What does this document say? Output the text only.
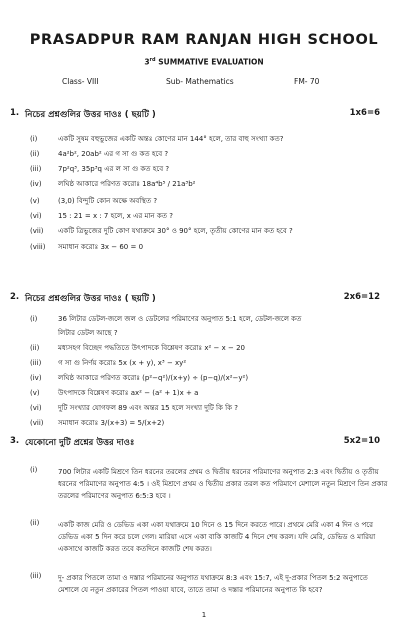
PRASADPUR RAM RANJAN HIGH SCHOOL
3rd SUMMATIVE EVALUATION
Class- VIII	Sub- Mathematics	FM- 70
1. নিচের প্রশ্নগুলির উত্তর দাওঃ ( ছয়টি )	1x6=6
2. নিচের প্রশ্নগুলির উত্তর দাওঃ ( ছয়টি )	2x6=12
3. যেকোনো দুটি প্রশ্নের উত্তর দাওঃ	5x2=10
1
(i)	একটি সুষম বহুভুজের একটি অন্তঃ কোণের মান 144° হলে, তার বাহু সংখ্যা কত?
(ii)	4a²b², 20ab² এর গ সা গু কত হবে ?
(iii) 7p²q³, 35p³q এর ল সা গু কত হবে ?
(iv) লঘিষ্ঠ আকারে পরিণত করোঃ 18a⁴b⁵ / 21a³b²
(v)	(3,0) বিন্দুটি কোন অক্ষে অবস্থিত ?
(vi) 15 : 21 = x : 7 হলে, x এর মান কত ?
(vii) একটি ত্রিভুজের দুটি কোণ যথাক্রমে 30° ও 90° হলে, তৃতীয় কোণের মান কত হবে ?
(viii) সমাধান করোঃ 3x − 60 = 0
(i)	36 লিটার ডেটল-জলে জল ও ডেটলের পরিমাণের অনুপাত 5:1 হলে, ডেটল-জলে কত
লিটার ডেটল আছে ?
(ii)	মধ্যসহগ বিচ্ছেদ পদ্ধতিতে উৎপাদকে বিশ্লেষণ করোঃ x² − x − 20
(iii) গ সা গু নির্ণয় করোঃ 5x (x + y), x³ − xy²
(iv) লঘিষ্ঠ আকারে পরিণত করোঃ (p²−q²)/(x+y) ÷ (p−q)/(x²−y²)
(v)	উৎপাদকে বিশ্লেষণ করোঃ ax² − (a² + 1)x + a
(vi) দুটি সংখ্যার যোগফল 89 এবং অন্তর 15 হলে সংখ্যা দুটি কি কি ?
(vii) সমাধান করোঃ 3/(x+3) = 5/(x+2)
(i)	700 লিটার একটি মিশ্রণে তিন ধরনের তরলের প্রথম ও দ্বিতীয় ধরনের পরিমাণের অনুপাত 2:3 এবং দ্বিতীয় ও তৃতীয় ধরনের পরিমাণের অনুপাত 4:5 । ওই মিশ্রণে প্রথম ও দ্বিতীয় প্রকার তরল কত পরিমাণে মেশালে নতুন মিশ্রণে তিন প্রকার তরলের পরিমাণের অনুপাত 6:5:3 হবে ।
(ii)	একটি কাজ মেরি ও ডেভিড একা একা যথাক্রমে 10 দিনে ও 15 দিনে করতে পারে। প্রথমে মেরি একা 4 দিন ও পরে ডেভিড একা 5 দিন করে চলে গেল। মারিয়া এসে একা বাকি কাজটি 4 দিনে শেষ করল। যদি মেরি, ডেভিড ও মারিয়া একসাথে কাজটি করত তবে কতদিনে কাজটি শেষ করত।
(iii) দু- প্রকার পিতলে তামা ও দস্তার পরিমানের অনুপাত যথাক্রমে 8:3 এবং 15:7, এই দু-প্রকার পিতল 5:2 অনুপাতে মেশালে যে নতুন প্রকারের পিতল পাওয়া যাবে, তাতে তামা ও দস্তার পরিমানের অনুপাত কি হবে?
